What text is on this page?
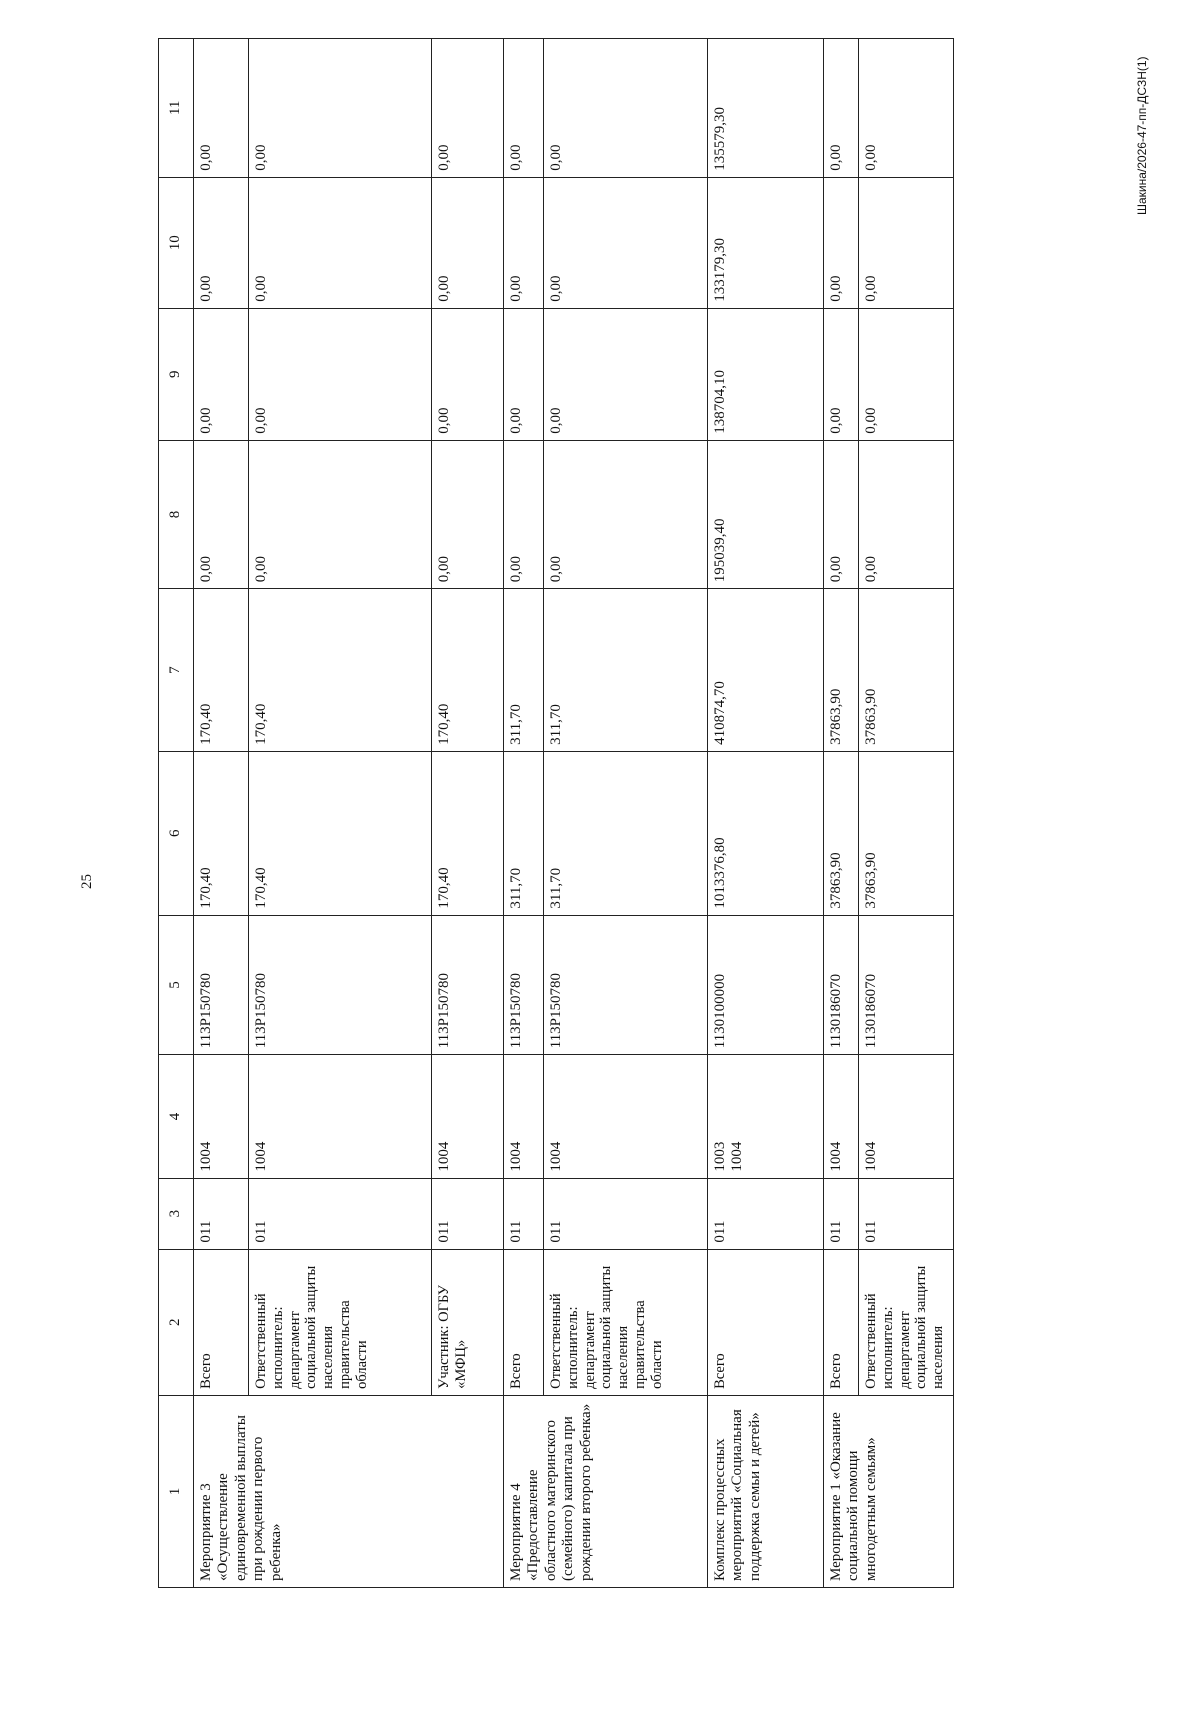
25
Шакина/2026-47-пп-ДСЗН(1)
1	2	3	4	5	6	7	8	9	10	11
Мероприятие 3 «Осуществление единовременной выплаты при рождении первого ребенка»	Всего	011	1004	113Р150780	170,40	170,40	0,00	0,00	0,00	0,00
	Ответственный исполнитель: департамент социальной защиты населения правительства области	011	1004	113Р150780	170,40	170,40	0,00	0,00	0,00	0,00
	Участник: ОГБУ «МФЦ»	011	1004	113Р150780	170,40	170,40	0,00	0,00	0,00	0,00
Мероприятие 4 «Предоставление областного материнского (семейного) капитала при рождении второго ребенка»	Всего	011	1004	113Р150780	311,70	311,70	0,00	0,00	0,00	0,00
	Ответственный исполнитель: департамент социальной защиты населения правительства области	011	1004	113Р150780	311,70	311,70	0,00	0,00	0,00	0,00
Комплекс процессных мероприятий «Социальная поддержка семьи и детей»	Всего	011	1003 1004	1130100000	1013376,80	410874,70	195039,40	138704,10	133179,30	135579,30
Мероприятие 1 «Оказание социальной помощи многодетным семьям»	Всего	011	1004	1130186070	37863,90	37863,90	0,00	0,00	0,00	0,00
	Ответственный исполнитель: департамент социальной защиты населения	011	1004	1130186070	37863,90	37863,90	0,00	0,00	0,00	0,00
